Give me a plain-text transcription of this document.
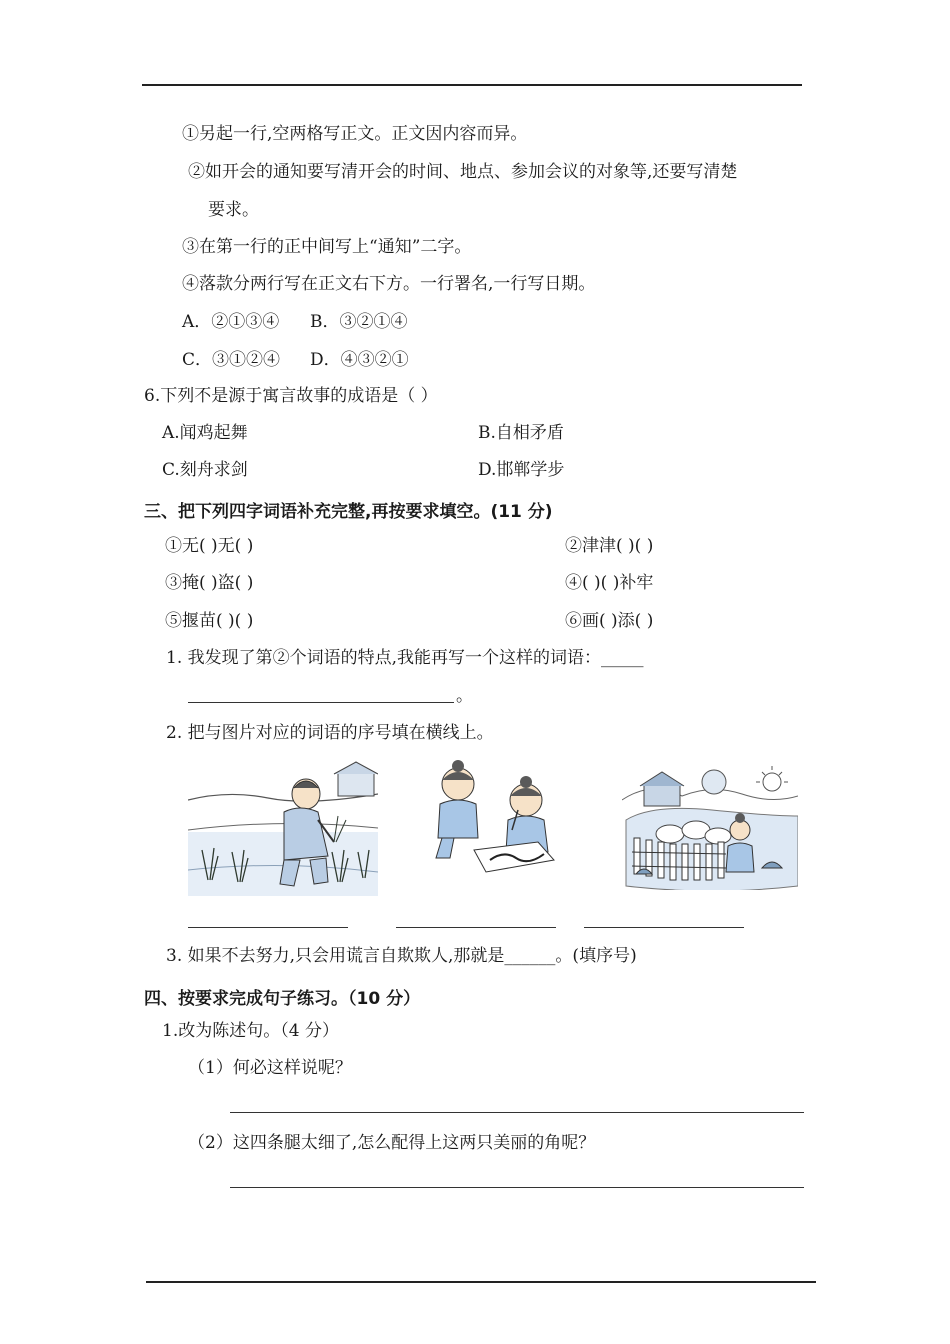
①另起一行,空两格写正文。正文因内容而异。
②如开会的通知要写清开会的时间、地点、参加会议的对象等,还要写清楚
要求。
③在第一行的正中间写上“通知”二字。
④落款分两行写在正文右下方。一行署名,一行写日期。
A．②①③④ B．③②①④
C．③①②④ D．④③②①
6.下列不是源于寓言故事的成语是（ ）
A.闻鸡起舞	B.自相矛盾
C.刻舟求剑	D.邯郸学步
三、把下列四字词语补充完整,再按要求填空。(11 分)
①无( )无( )	②津津( )( )
③掩( )盗( )	④( )( )补牢
⑤揠苗( )( )	⑥画( )添( )
1. 我发现了第②个词语的特点,我能再写一个这样的词语：_____
。
2. 把与图片对应的词语的序号填在横线上。
3. 如果不去努力,只会用谎言自欺欺人,那就是______。(填序号)
四、按要求完成句子练习。（10 分）
1.改为陈述句。（4 分）
（1）何必这样说呢？
（2）这四条腿太细了,怎么配得上这两只美丽的角呢？
